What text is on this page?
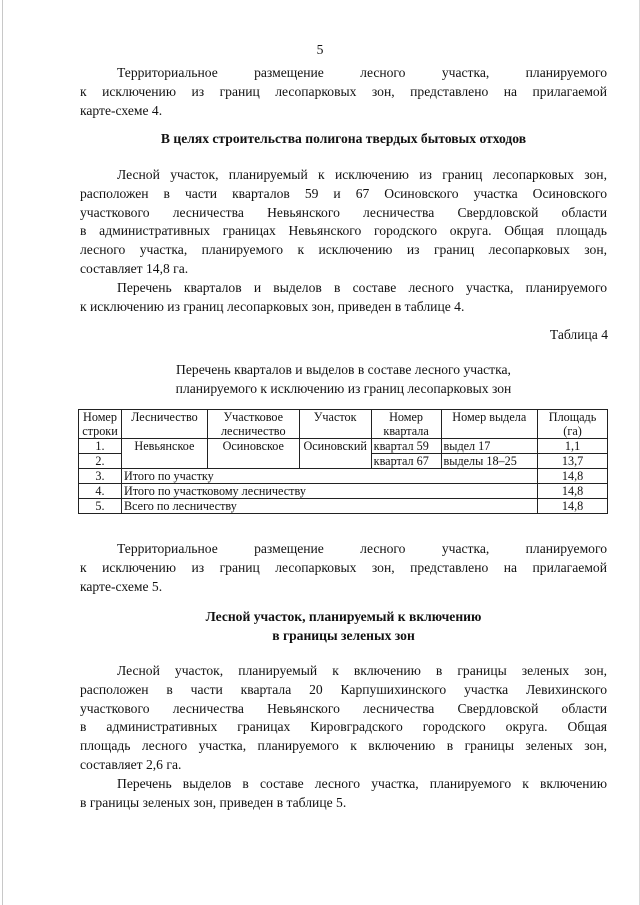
5

Территориальное размещение лесного участка, планируемого

к исключению из границ лесопарковых зон, представлено на прилагаемой

карте-схеме 4.

В целях строительства полигона твердых бытовых отходов

Лесной участок, планируемый к исключению из границ лесопарковых зон,

расположен в части кварталов 59 и 67 Осиновского участка Осиновского

участкового лесничества Невьянского лесничества Свердловской области

в административных границах Невьянского городского округа. Общая площадь

лесного участка, планируемого к исключению из границ лесопарковых зон,

составляет 14,8 га.

Перечень кварталов и выделов в составе лесного участка, планируемого

к исключению из границ лесопарковых зон, приведен в таблице 4.

Таблица 4
Перечень кварталов и выделов в составе лесного участка,
планируемого к исключению из границ лесопарковых зон
Номер строки	Лесничество	Участковое лесничество	Участок	Номер квартала	Номер выдела	Площадь (га)
1.	Невьянское	Осиновское	Осиновский	квартал 59	выдел 17	1,1
2.				квартал 67	выделы 18–25	13,7
3.	Итого по участку					14,8
4.	Итого по участковому лесничеству					14,8
5.	Всего по лесничеству					14,8

Территориальное размещение лесного участка, планируемого

к исключению из границ лесопарковых зон, представлено на прилагаемой

карте-схеме 5.

Лесной участок, планируемый к включению
в границы зеленых зон

Лесной участок, планируемый к включению в границы зеленых зон,

расположен в части квартала 20 Карпушихинского участка Левихинского

участкового лесничества Невьянского лесничества Свердловской области

в административных границах Кировградского городского округа. Общая

площадь лесного участка, планируемого к включению в границы зеленых зон,

составляет 2,6 га.

Перечень выделов в составе лесного участка, планируемого к включению

в границы зеленых зон, приведен в таблице 5.
